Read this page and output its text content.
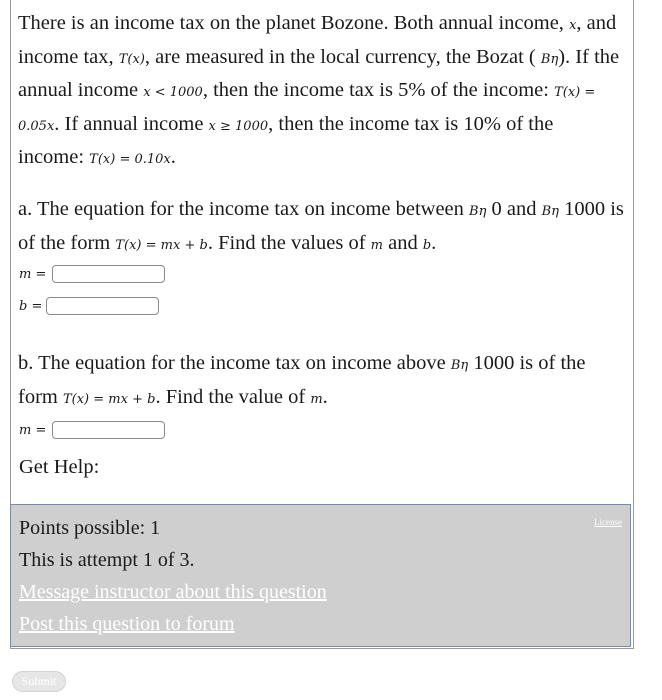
There is an income tax on the planet Bozone. Both annual income, x, and income tax, T(x), are measured in the local currency, the Bozat ( Bη). If the annual income x < 1000, then the income tax is 5% of the income: T(x) = 0.05x. If annual income x ≥ 1000, then the income tax is 10% of the income: T(x) = 0.10x.

a. The equation for the income tax on income between Bη 0 and Bη 1000 is of the form T(x) = mx + b. Find the values of m and b.
m =
b =
b. The equation for the income tax on income above Bη 1000 is of the form T(x) = mx + b. Find the value of m.
m =
Get Help:
License
Points possible: 1
This is attempt 1 of 3.
Message instructor about this question
Post this question to forum
Submit
